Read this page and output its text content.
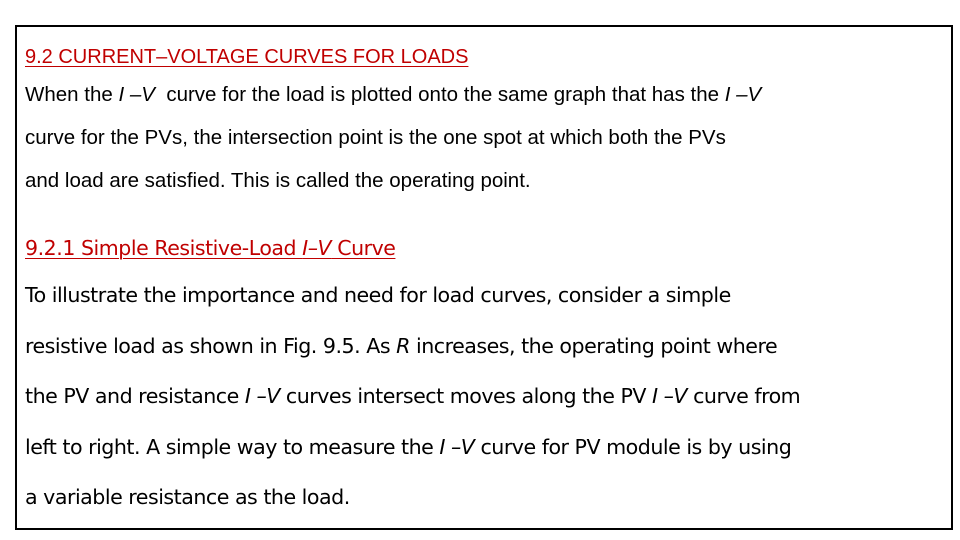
9.2 CURRENT–VOLTAGE CURVES FOR LOADS
When the I –V  curve for the load is plotted onto the same graph that has the I –V
curve for the PVs, the intersection point is the one spot at which both the PVs
and load are satisfied. This is called the operating point.
9.2.1 Simple Resistive-Load I–V Curve
To illustrate the importance and need for load curves, consider a simple
resistive load as shown in Fig. 9.5. As R increases, the operating point where
the PV and resistance I –V curves intersect moves along the PV I –V curve from
left to right. A simple way to measure the I –V curve for PV module is by using
a variable resistance as the load.
